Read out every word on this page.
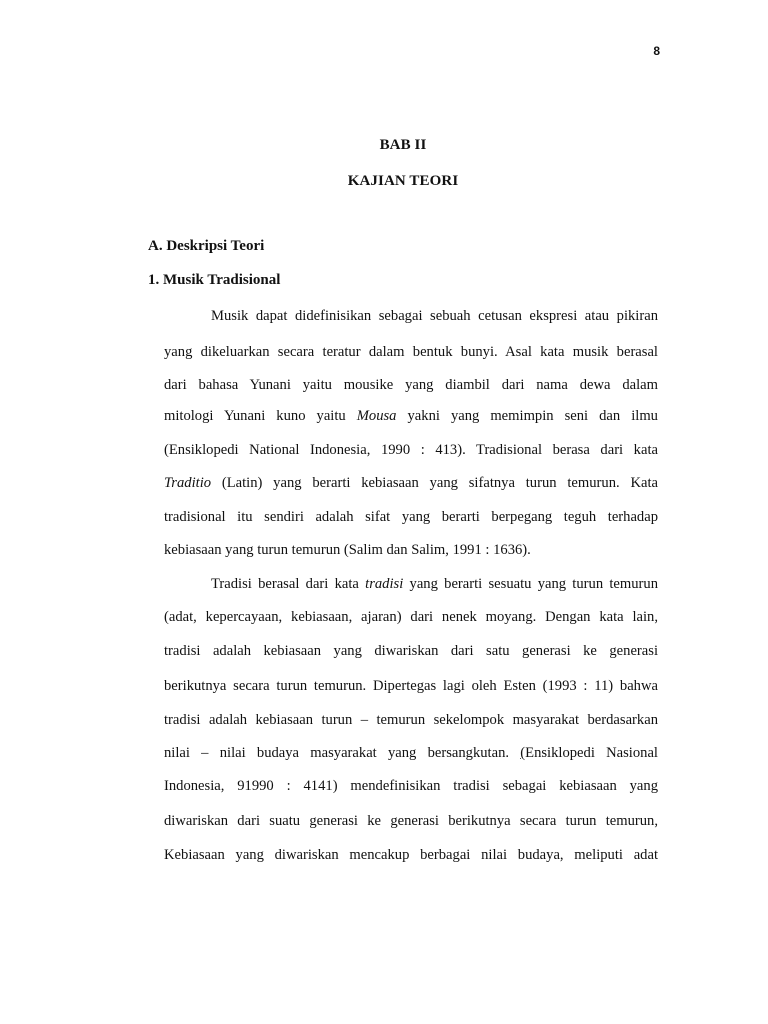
8
BAB II
KAJIAN TEORI
A. Deskripsi Teori
1. Musik Tradisional
Musik dapat didefinisikan sebagai sebuah cetusan ekspresi atau pikiran
yang dikeluarkan secara teratur dalam bentuk bunyi. Asal kata musik berasal
dari bahasa Yunani yaitu mousike yang diambil dari nama dewa dalam
mitologi Yunani kuno yaitu Mousa yakni yang memimpin seni dan ilmu
(Ensiklopedi National Indonesia, 1990 : 413). Tradisional berasa dari kata
Traditio (Latin) yang berarti kebiasaan yang sifatnya turun temurun. Kata
tradisional itu sendiri adalah sifat yang berarti berpegang teguh terhadap
kebiasaan yang turun temurun (Salim dan Salim, 1991 : 1636).
Tradisi berasal dari kata tradisi yang berarti sesuatu yang turun temurun
(adat, kepercayaan, kebiasaan, ajaran) dari nenek moyang. Dengan kata lain,
tradisi adalah kebiasaan yang diwariskan dari satu generasi ke generasi
berikutnya secara turun temurun. Dipertegas lagi oleh Esten (1993 : 11) bahwa
tradisi adalah kebiasaan turun – temurun sekelompok masyarakat berdasarkan
nilai – nilai budaya masyarakat yang bersangkutan. (Ensiklopedi Nasional
Indonesia, 91990 : 4141) mendefinisikan tradisi sebagai kebiasaan yang
diwariskan dari suatu generasi ke generasi berikutnya secara turun temurun,
Kebiasaan yang diwariskan mencakup berbagai nilai budaya, meliputi adat
